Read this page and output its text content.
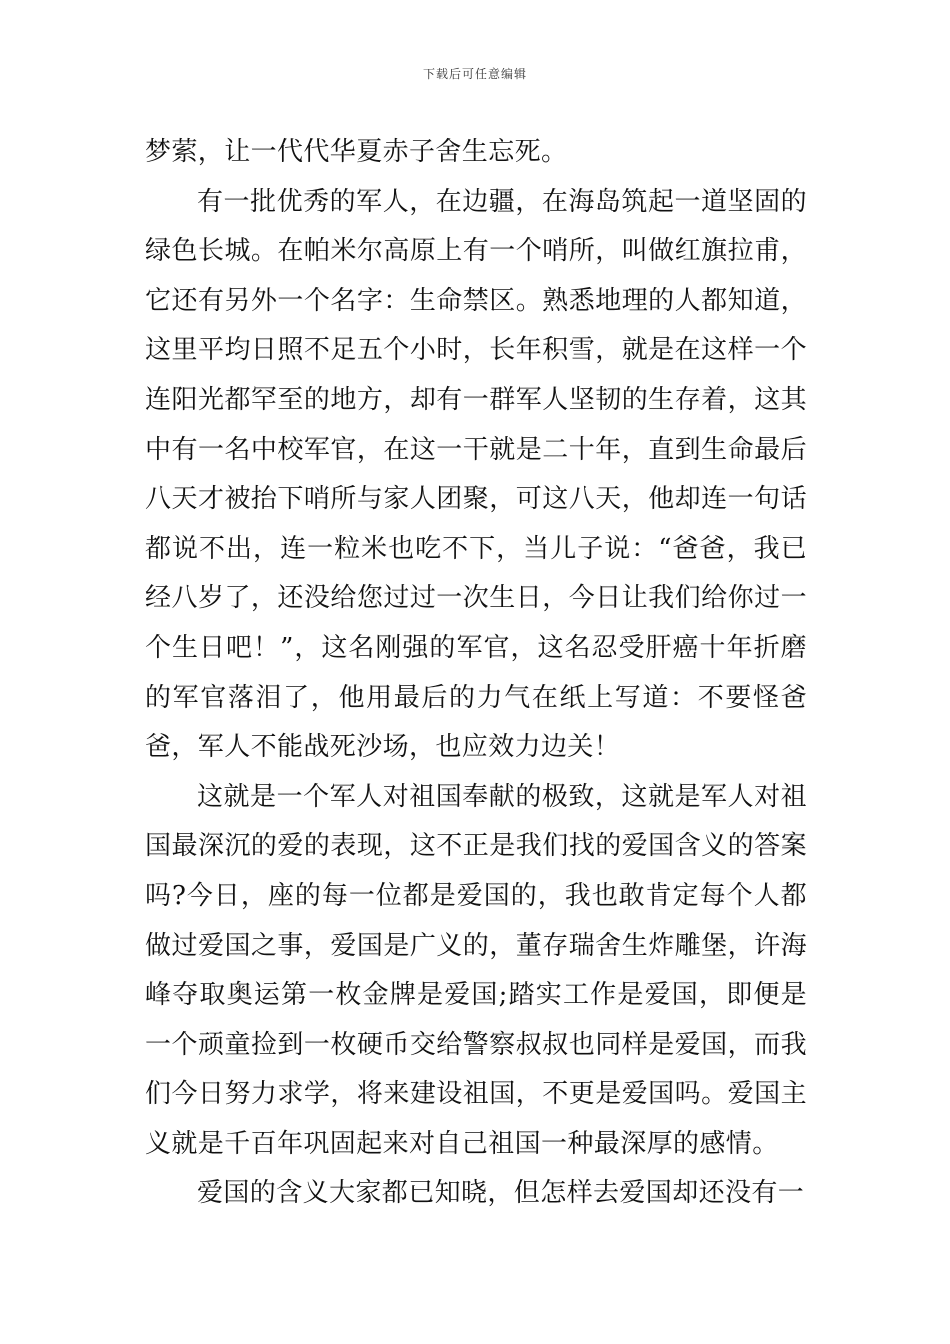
下载后可任意编辑

梦萦，让一代代华夏赤子舍生忘死。

有一批优秀的军人，在边疆，在海岛筑起一道坚固的绿色长城。在帕米尔高原上有一个哨所，叫做红旗拉甫，它还有另外一个名字：生命禁区。熟悉地理的人都知道，这里平均日照不足五个小时，长年积雪，就是在这样一个连阳光都罕至的地方，却有一群军人坚韧的生存着，这其中有一名中校军官，在这一干就是二十年，直到生命最后八天才被抬下哨所与家人团聚，可这八天，他却连一句话都说不出，连一粒米也吃不下，当儿子说：“爸爸，我已经八岁了，还没给您过过一次生日，今日让我们给你过一个生日吧！”，这名刚强的军官，这名忍受肝癌十年折磨的军官落泪了，他用最后的力气在纸上写道：不要怪爸爸，军人不能战死沙场，也应效力边关！

这就是一个军人对祖国奉献的极致，这就是军人对祖国最深沉的爱的表现，这不正是我们找的爱国含义的答案吗?今日，座的每一位都是爱国的，我也敢肯定每个人都做过爱国之事，爱国是广义的，董存瑞舍生炸雕堡，许海峰夺取奥运第一枚金牌是爱国;踏实工作是爱国，即便是一个顽童捡到一枚硬币交给警察叔叔也同样是爱国，而我们今日努力求学，将来建设祖国，不更是爱国吗。爱国主义就是千百年巩固起来对自己祖国一种最深厚的感情。

爱国的含义大家都已知晓，但怎样去爱国却还没有一
